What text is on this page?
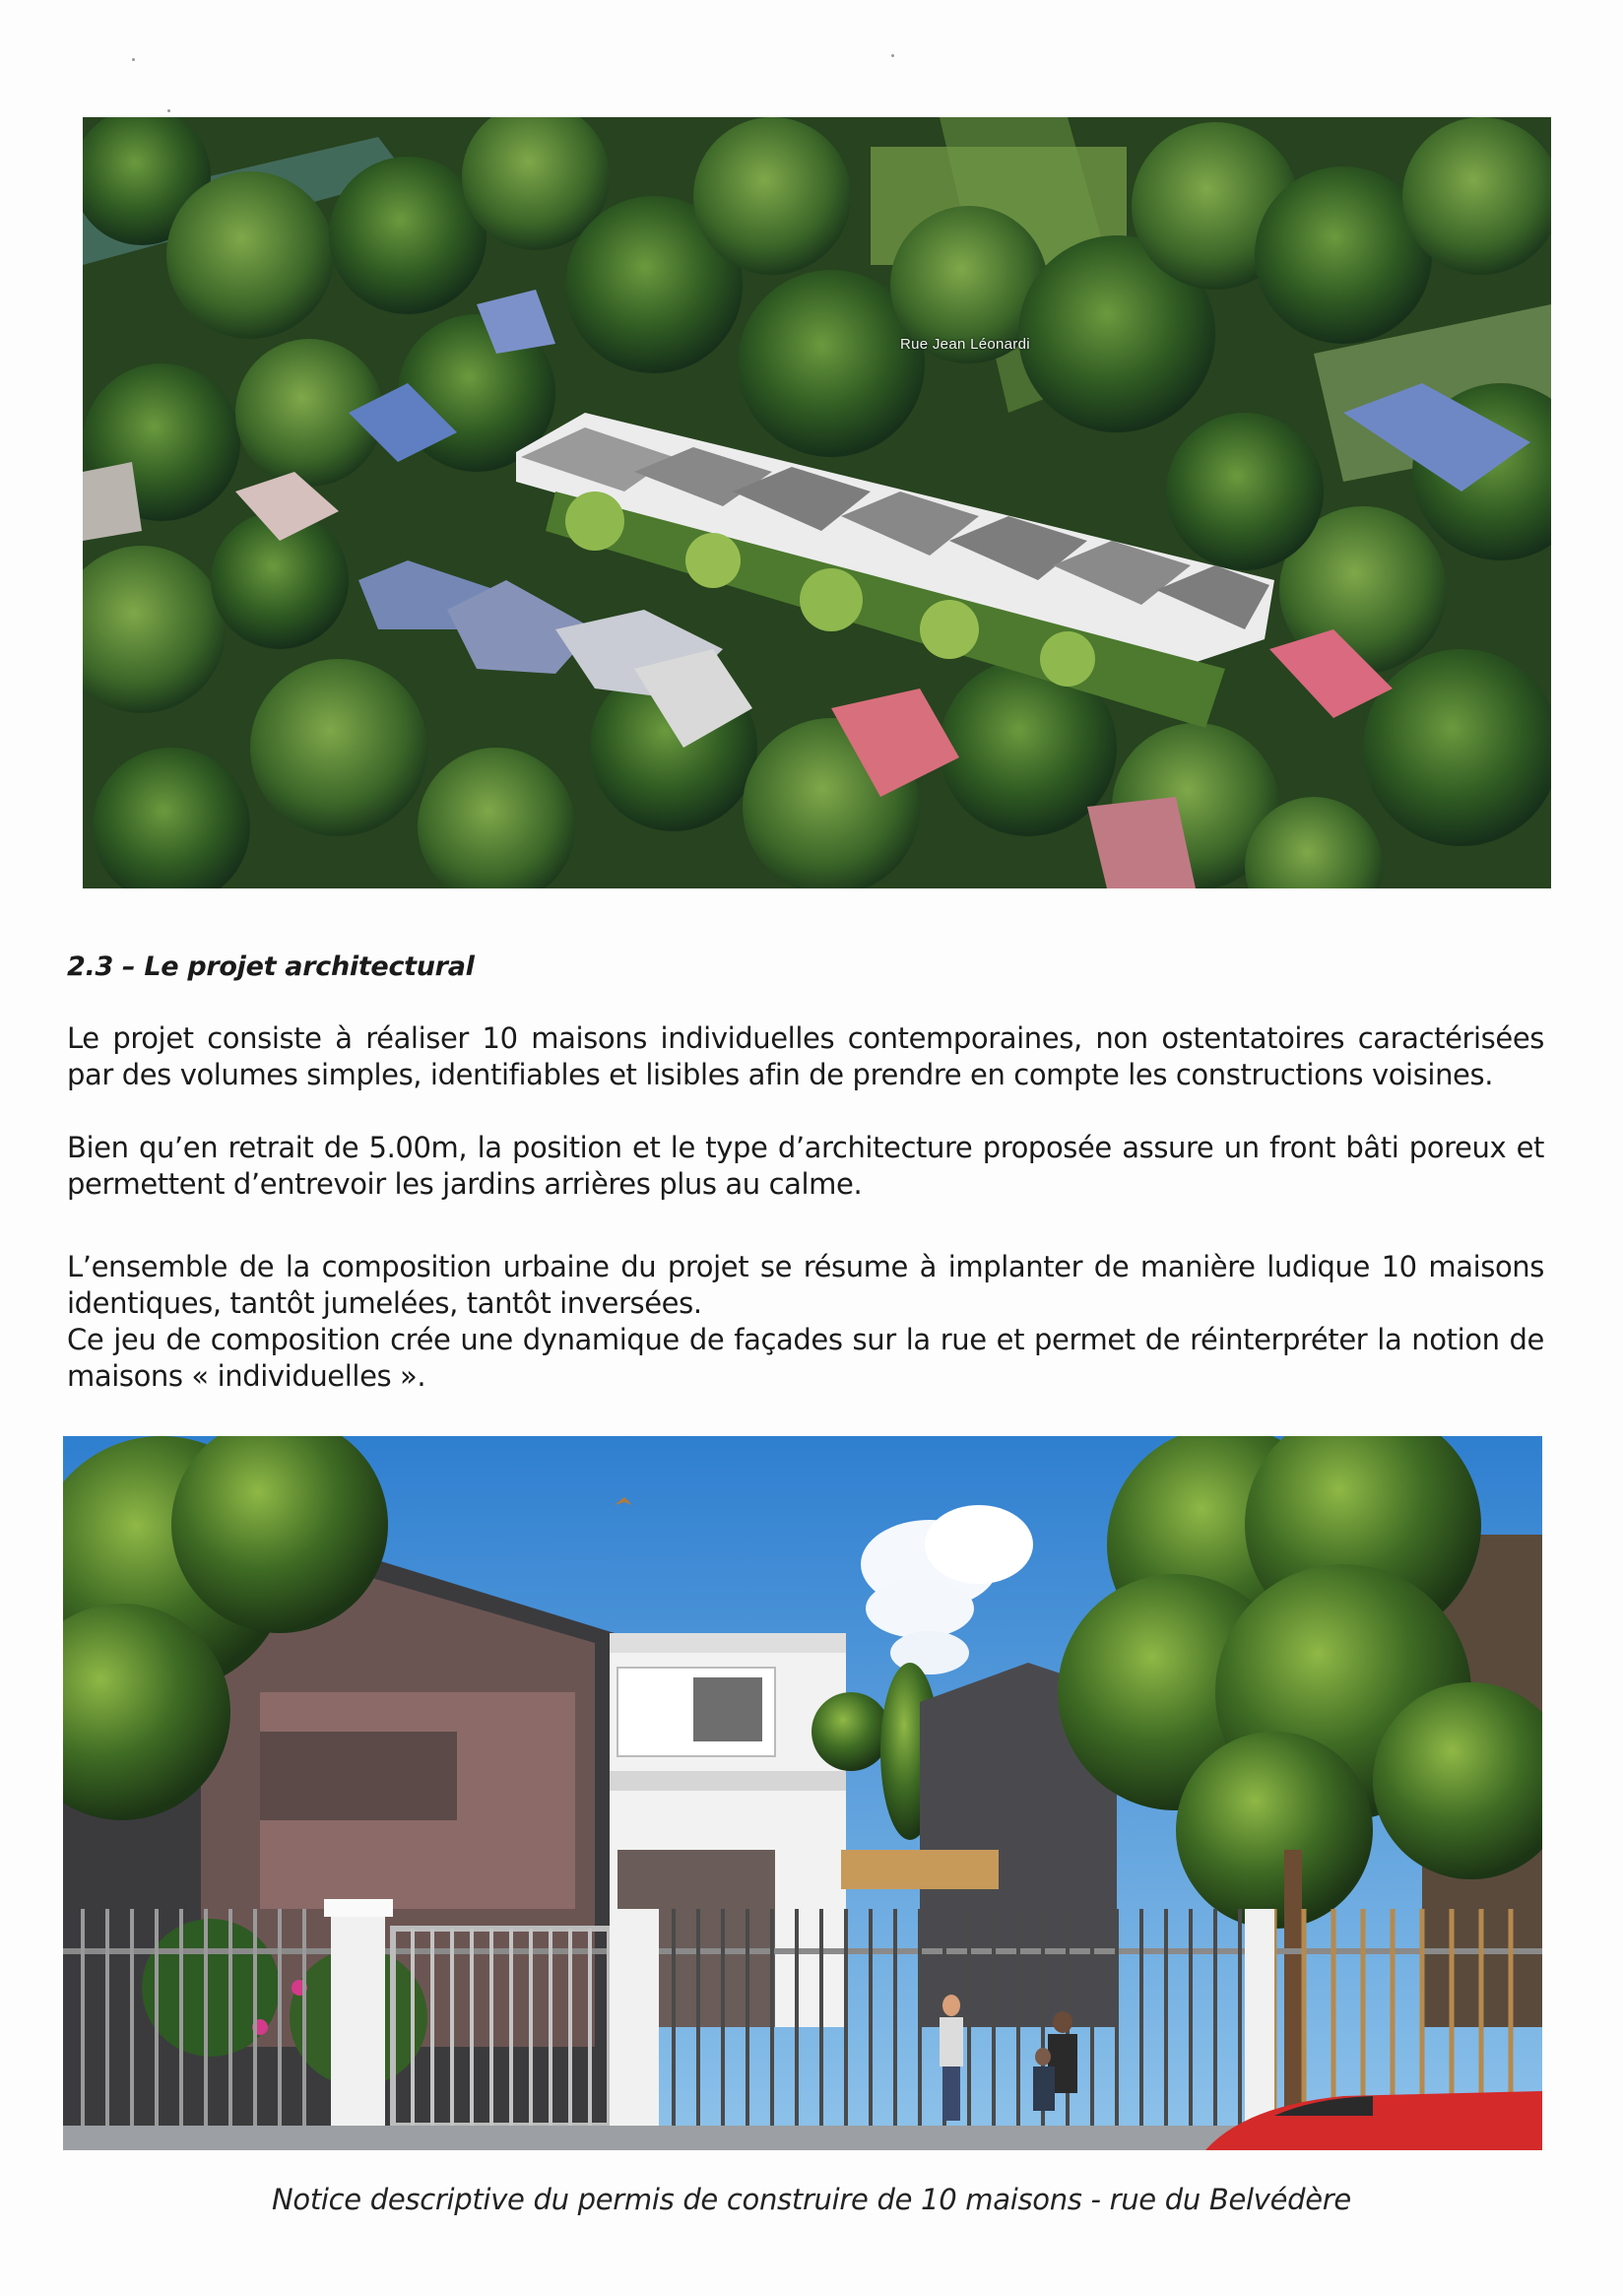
Rue Jean Léonardi
2.3 – Le projet architectural

Le projet consiste à réaliser 10 maisons individuelles contemporaines, non ostentatoires caractérisées par des volumes simples, identifiables et lisibles afin de prendre en compte les constructions voisines.

Bien qu’en retrait de 5.00m, la position et le type d’architecture proposée assure un front bâti poreux et permettent d’entrevoir les jardins arrières plus au calme.

L’ensemble de la composition urbaine du projet se résume à implanter de manière ludique 10 maisons identiques, tantôt jumelées, tantôt inversées.

Ce jeu de composition crée une dynamique de façades sur la rue et permet de réinterpréter la notion de maisons « individuelles ».

Notice descriptive du permis de construire de 10 maisons - rue du Belvédère
